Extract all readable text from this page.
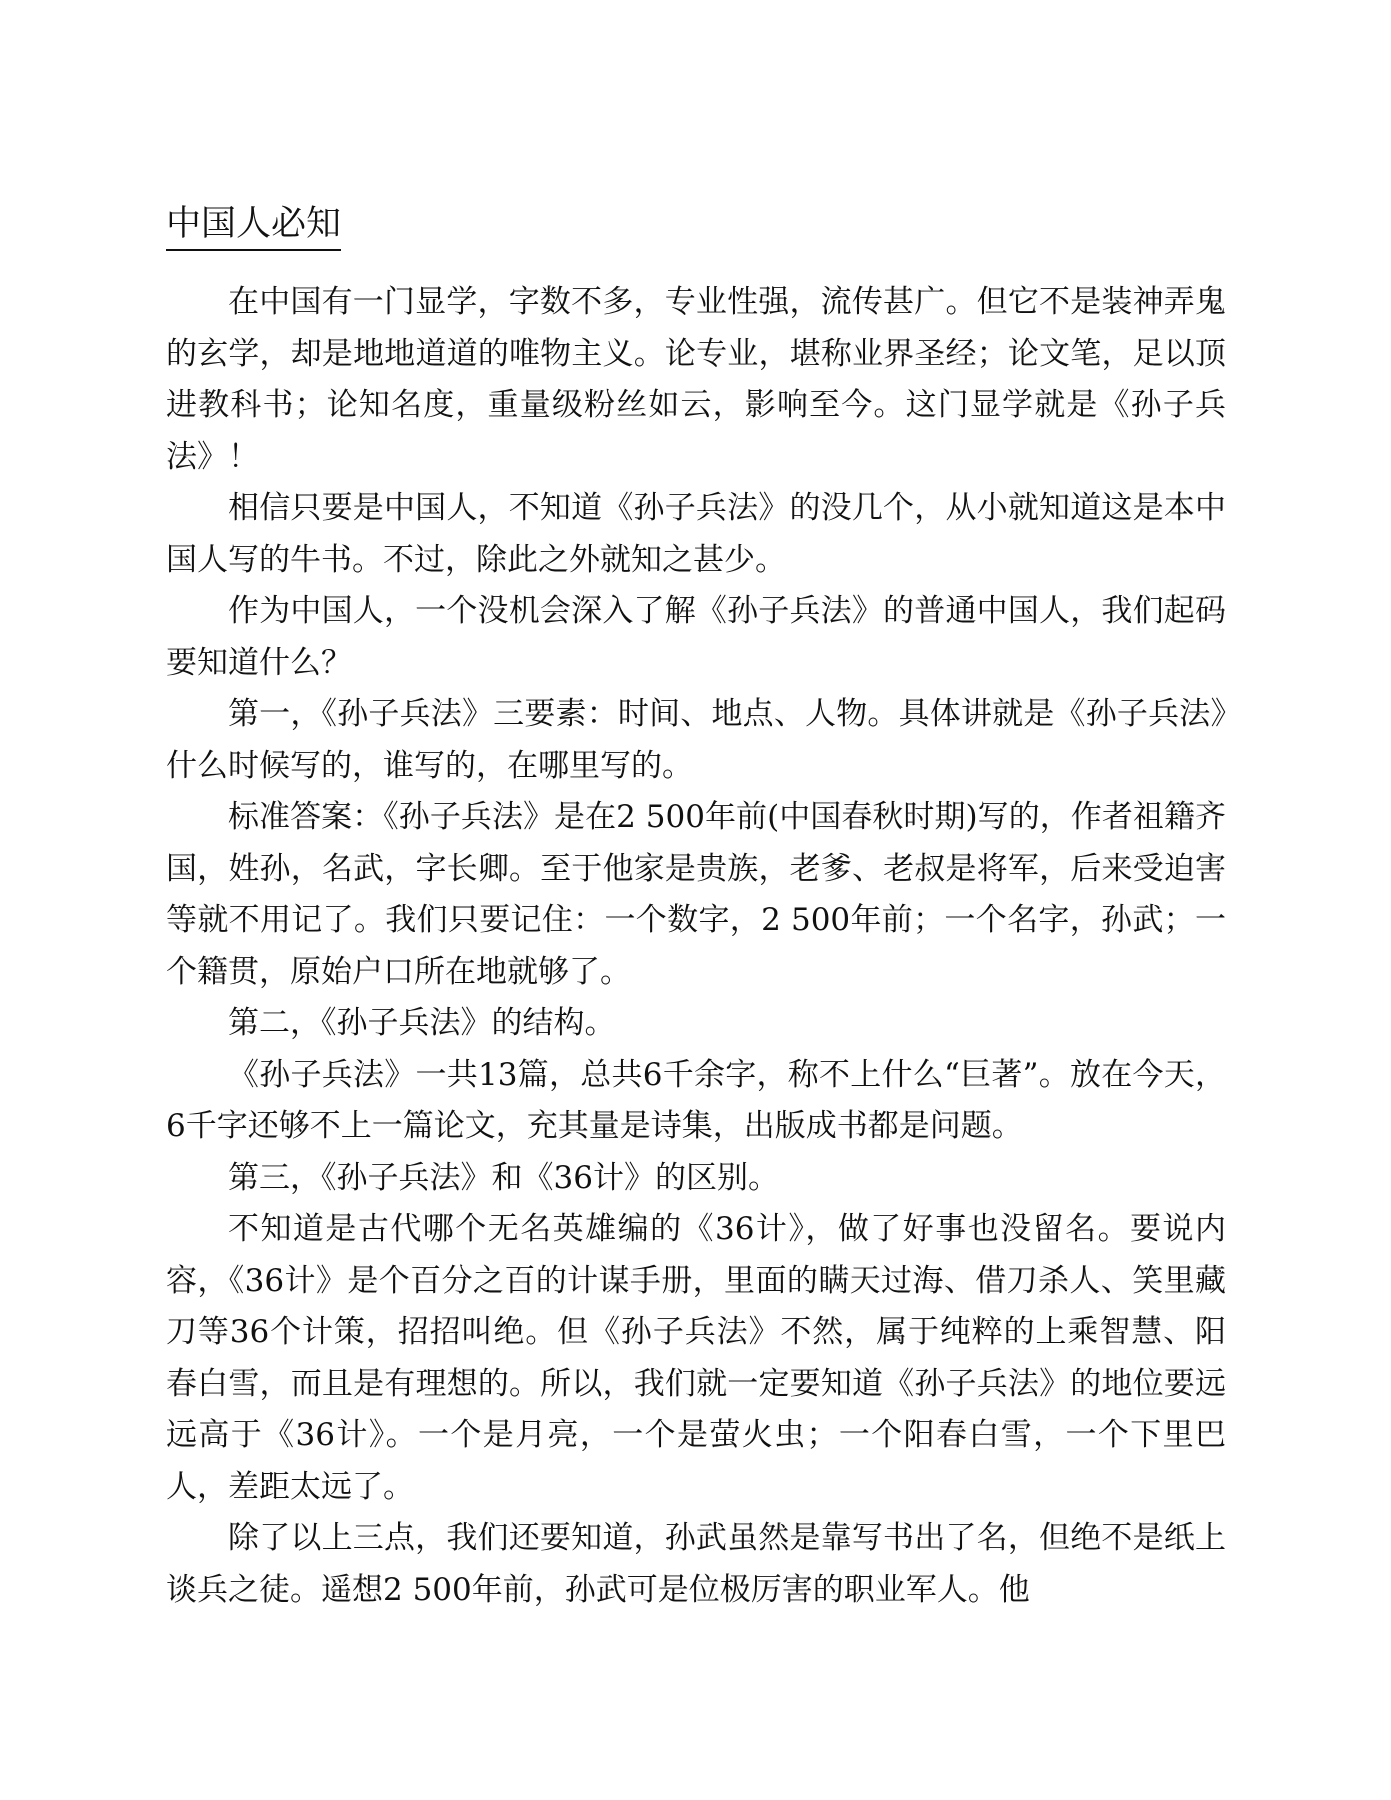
中国人必知

在中国有一门显学，字数不多，专业性强，流传甚广。但它不是装神弄鬼的玄学，却是地地道道的唯物主义。论专业，堪称业界圣经；论文笔，足以顶进教科书；论知名度，重量级粉丝如云，影响至今。这门显学就是《孙子兵法》！

相信只要是中国人，不知道《孙子兵法》的没几个，从小就知道这是本中国人写的牛书。不过，除此之外就知之甚少。

作为中国人，一个没机会深入了解《孙子兵法》的普通中国人，我们起码要知道什么？

第一，《孙子兵法》三要素：时间、地点、人物。具体讲就是《孙子兵法》什么时候写的，谁写的，在哪里写的。

标准答案：《孙子兵法》是在2 500年前(中国春秋时期)写的，作者祖籍齐国，姓孙，名武，字长卿。至于他家是贵族，老爹、老叔是将军，后来受迫害等就不用记了。我们只要记住：一个数字，2 500年前；一个名字，孙武；一个籍贯，原始户口所在地就够了。

第二，《孙子兵法》的结构。

《孙子兵法》一共13篇，总共6千余字，称不上什么“巨著”。放在今天，6千字还够不上一篇论文，充其量是诗集，出版成书都是问题。

第三，《孙子兵法》和《36计》的区别。

不知道是古代哪个无名英雄编的《36计》，做了好事也没留名。要说内容，《36计》是个百分之百的计谋手册，里面的瞒天过海、借刀杀人、笑里藏刀等36个计策，招招叫绝。但《孙子兵法》不然，属于纯粹的上乘智慧、阳春白雪，而且是有理想的。所以，我们就一定要知道《孙子兵法》的地位要远远高于《36计》。一个是月亮，一个是萤火虫；一个阳春白雪，一个下里巴人，差距太远了。

除了以上三点，我们还要知道，孙武虽然是靠写书出了名，但绝不是纸上谈兵之徒。遥想2 500年前，孙武可是位极厉害的职业军人。他
